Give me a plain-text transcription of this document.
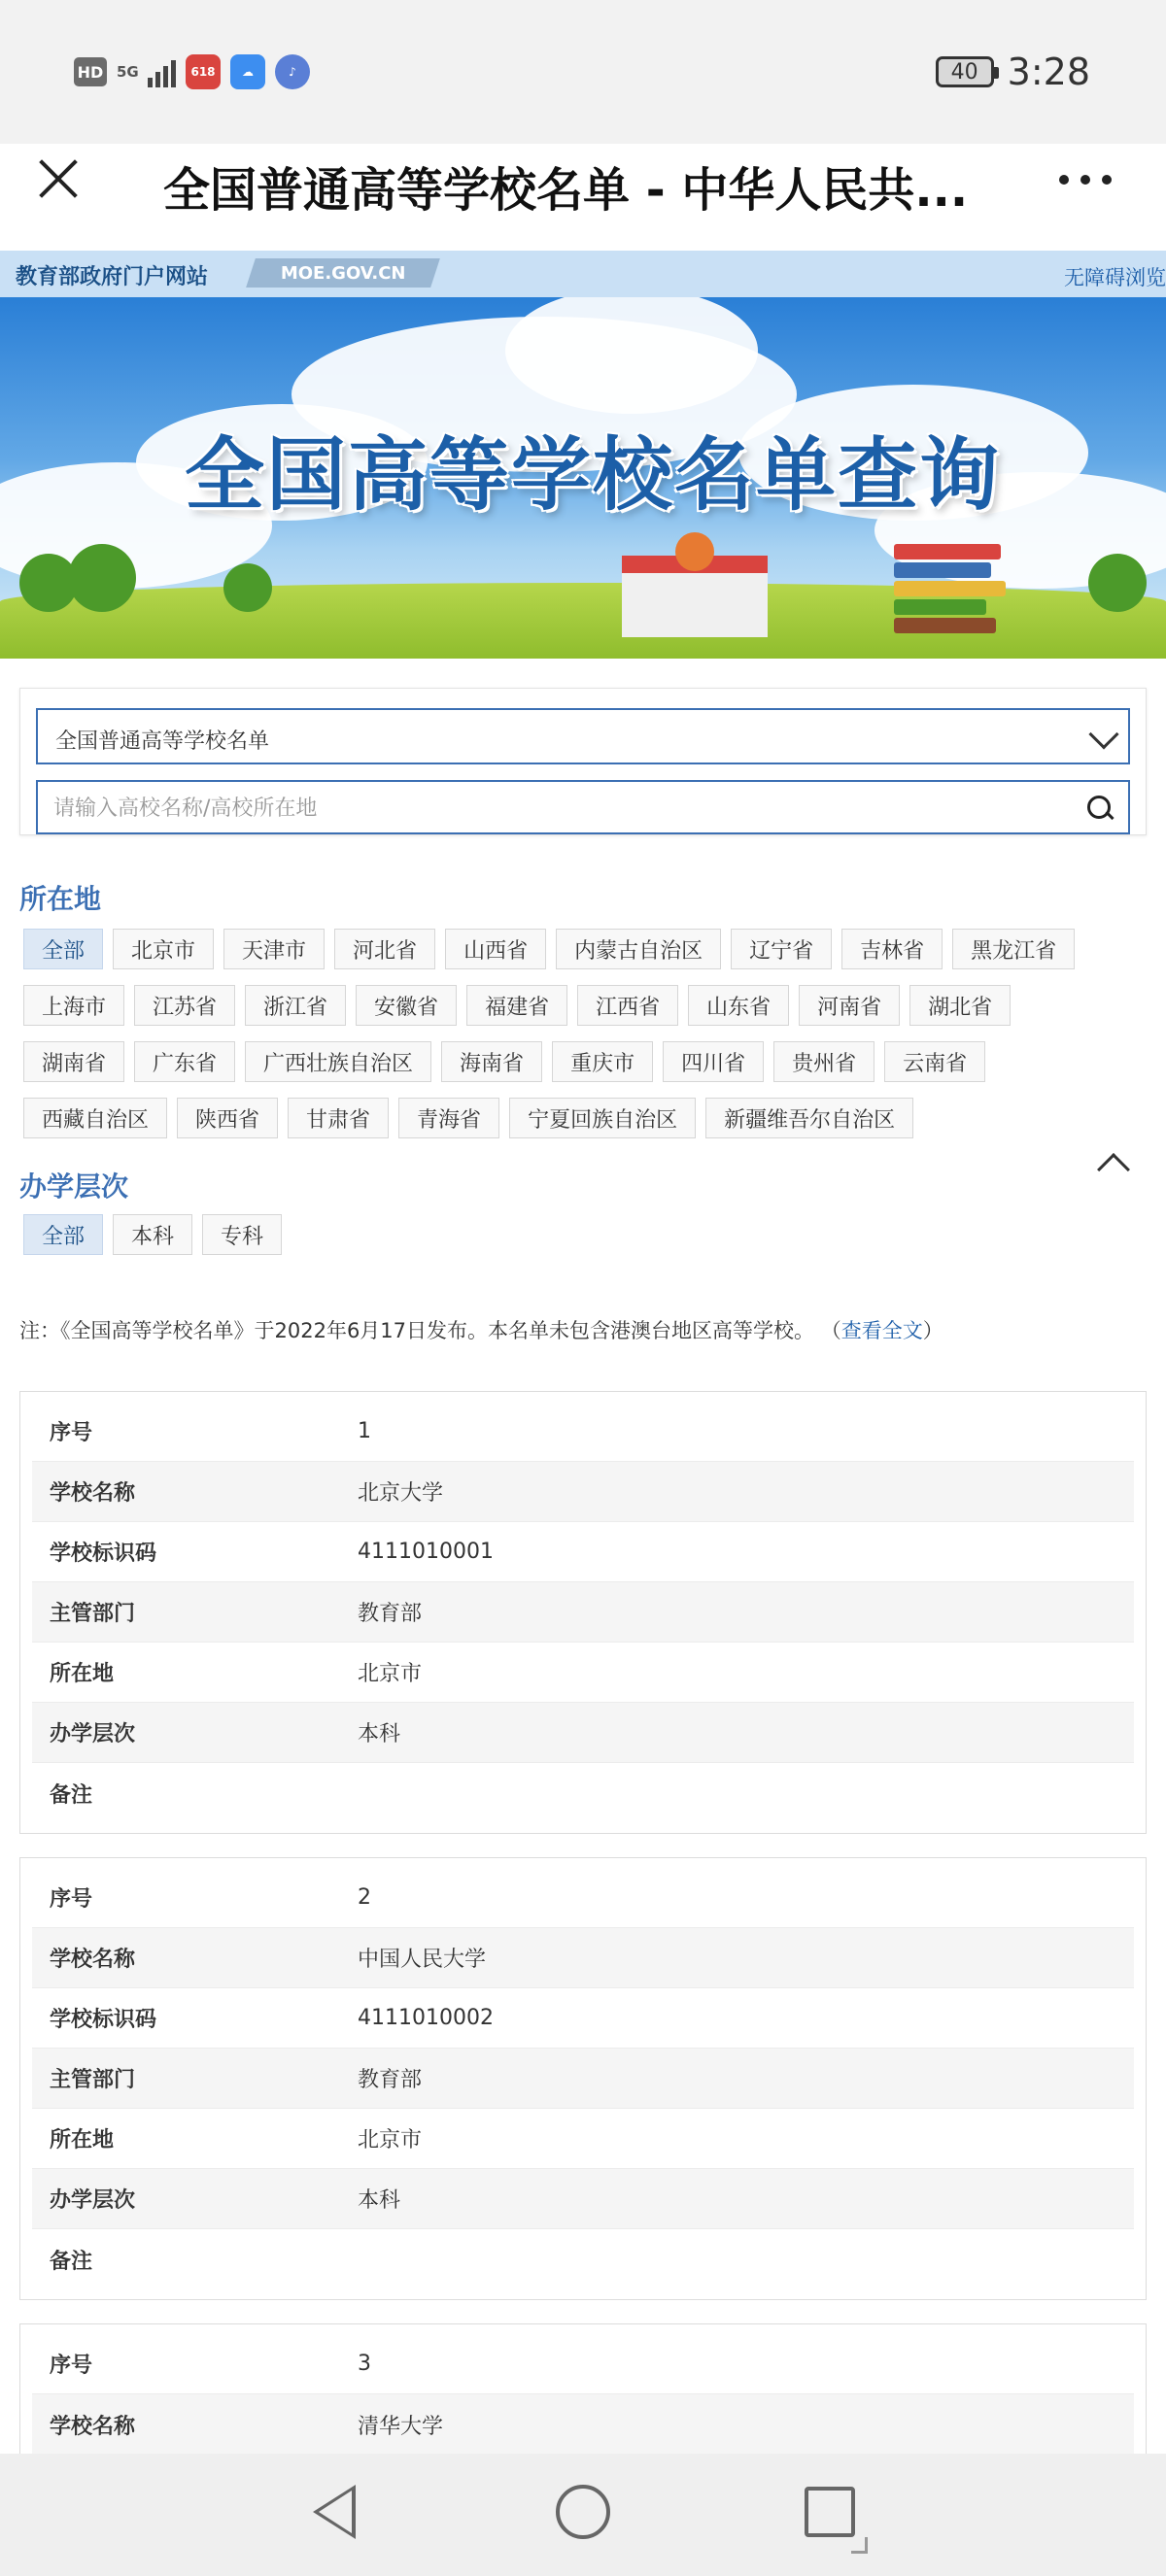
HD 5G	618	☁	♪	40 3:28
全国普通高等学校名单 - 中华人民共...
教育部政府门户网站	MOE.GOV.CN	无障碍浏览
全国高等学校名单查询
全国普通高等学校名单
请输入高校名称/高校所在地
所在地
全部	北京市	天津市	河北省	山西省	内蒙古自治区	辽宁省	吉林省	黑龙江省
上海市	江苏省	浙江省	安徽省	福建省	江西省	山东省	河南省	湖北省
湖南省	广东省	广西壮族自治区	海南省	重庆市	四川省	贵州省	云南省
西藏自治区	陕西省	甘肃省	青海省	宁夏回族自治区	新疆维吾尔自治区
办学层次
全部	本科	专科
注：《全国高等学校名单》于2022年6月17日发布。本名单未包含港澳台地区高等学校。 （查看全文）
序号	1
学校名称	北京大学
学校标识码	4111010001
主管部门	教育部
所在地	北京市
办学层次	本科
备注
序号	2
学校名称	中国人民大学
学校标识码	4111010002
主管部门	教育部
所在地	北京市
办学层次	本科
备注
序号	3
学校名称	清华大学
